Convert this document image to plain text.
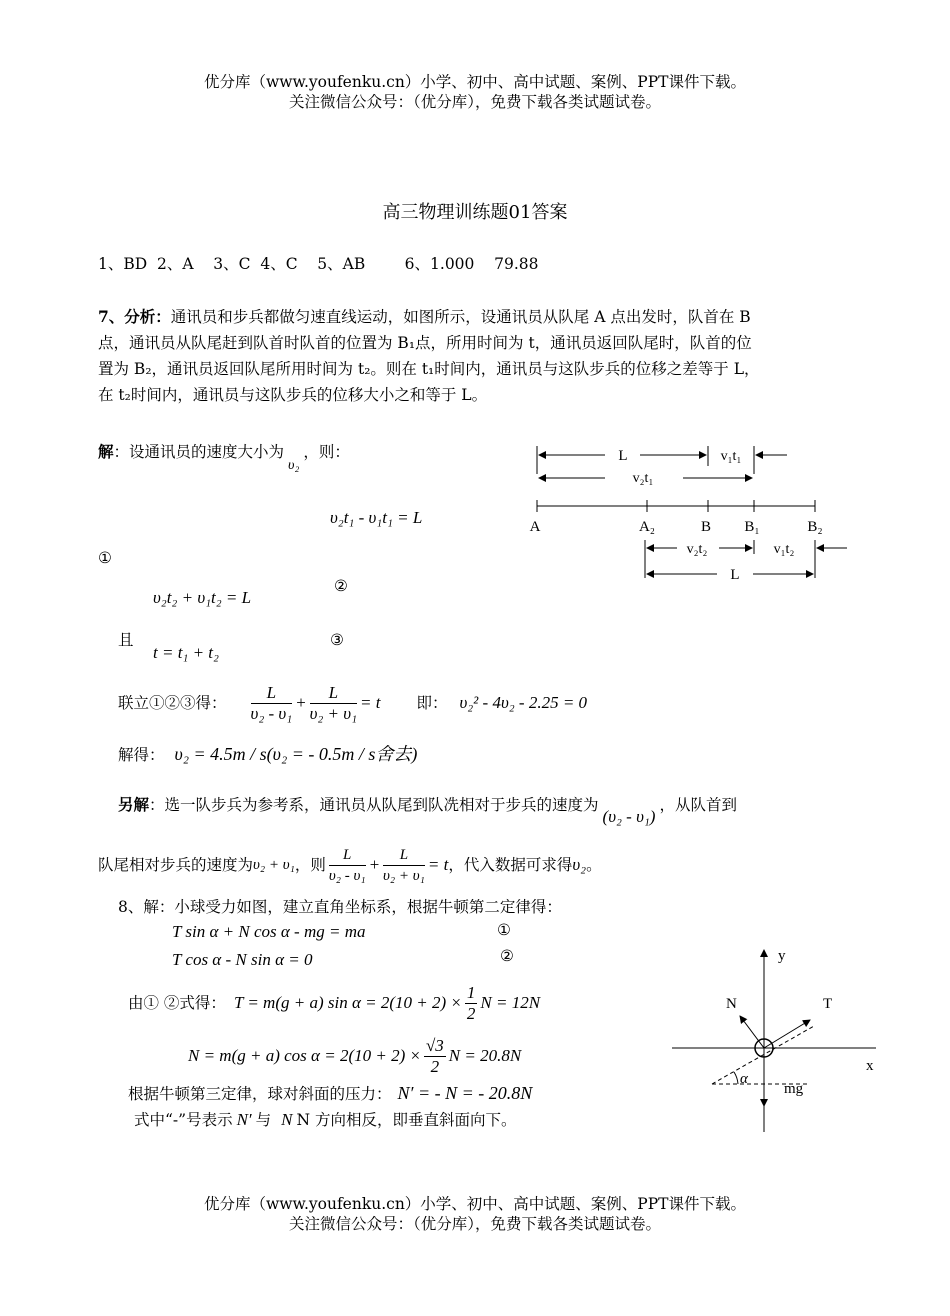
优分库（www.youfenku.cn）小学、初中、高中试题、案例、PPT课件下载。
关注微信公众号：（优分库），免费下载各类试题试卷。
高三物理训练题01答案
1、BD  2、A    3、C  4、C    5、AB        6、1.000    79.88
7、分析：通讯员和步兵都做匀速直线运动，如图所示，设通讯员从队尾 A 点出发时，队首在 B
点，通讯员从队尾赶到队首时队首的位置为 B₁点，所用时间为 t，通讯员返回队尾时，队首的位
置为 B₂，通讯员返回队尾所用时间为 t₂。则在 t₁时间内，通讯员与这队步兵的位移之差等于 L，
在 t₂时间内，通讯员与这队步兵的位移大小之和等于 L。
解：设通讯员的速度大小为υ₂，则：
υ₂t₁ - υ₁t₁ = L
①
υ₂t₂ + υ₁t₂ = L
②
且
t = t₁ + t₂
③
联立①②③得： $\frac{L}{\text{υ₂ - υ₁}} + \frac{L}{\text{υ₂ + υ₁}} = t$ 即： υ₂² - 4υ₂ - 2.25 = 0
解得： υ₂ = 4.5m / s(υ₂ = - 0.5m / s舍去)
另解：选一队步兵为参考系，通讯员从队尾到队冼相对于步兵的速度为(υ₂ - υ₁)，从队首到
队尾相对步兵的速度为υ₂ + υ₁，则 $\frac{L}{\text{υ₂ - υ₁}} + \frac{L}{\text{υ₂ + υ₁}} = t$，代入数据可求得υ₂。
L	v₁t₁
v₂t₁
A	A₂	B B₁	B₂
v₂t₂	v₁t₂
L
8、解：小球受力如图，建立直角坐标系，根据牛顿第二定律得：
T sin α + N cos α - mg = ma	①
T cos α - N sin α = 0	②
由① ②式得： T = m(g + a) $\sin \alpha = 2(10 + 2) \times \frac{1}{2}$ N = 12N
N = m(g + a) $\cos \alpha = 2(10 + 2) \times \frac{√3}{2}$ N = 20.8N
根据牛顿第三定律，球对斜面的压力： N′ = - N = - 20.8N
式中“-”号表示 N′ 与 N N 方向相反，即垂直斜面向下。
y
x
α
N	T
mg
优分库（www.youfenku.cn）小学、初中、高中试题、案例、PPT课件下载。
关注微信公众号：（优分库），免费下载各类试题试卷。
